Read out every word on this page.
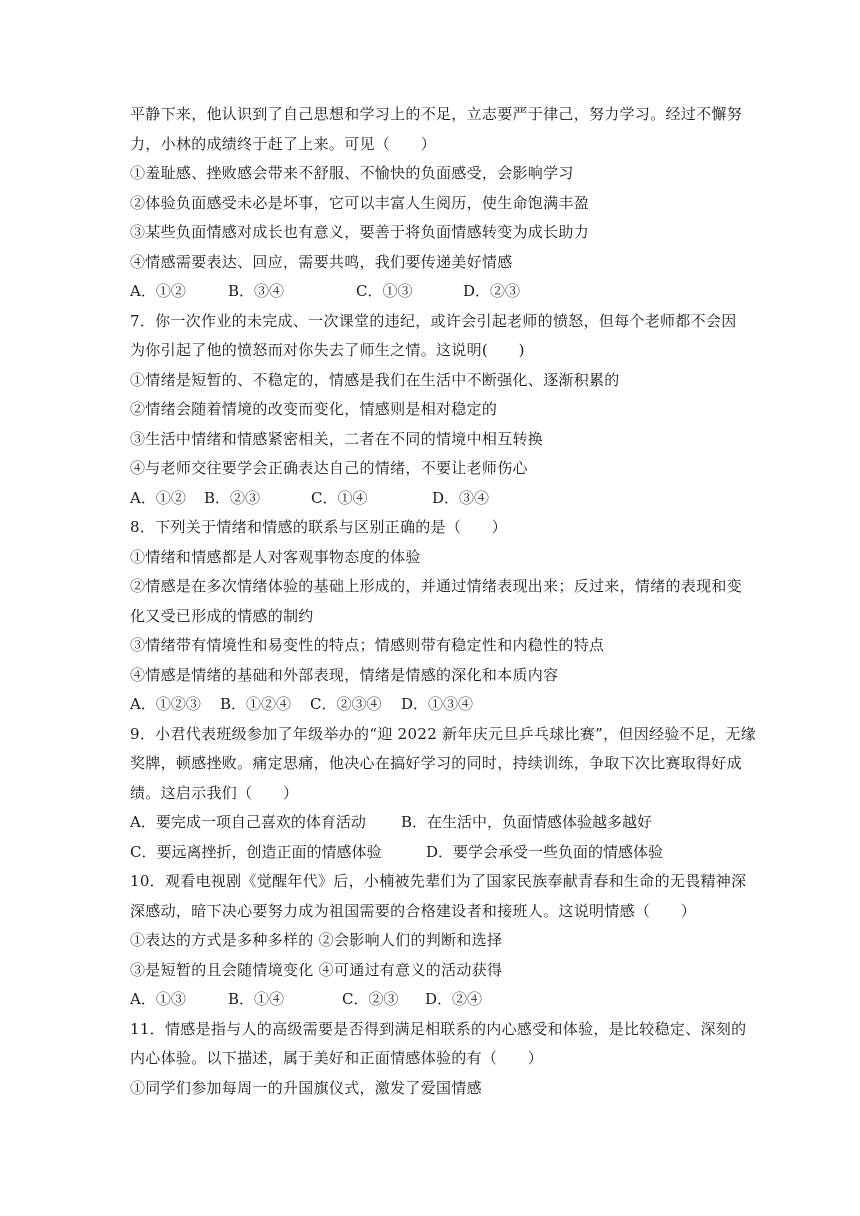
平静下来，他认识到了自己思想和学习上的不足，立志要严于律己，努力学习。经过不懈努
力，小林的成绩终于赶了上来。可见（　　）
①羞耻感、挫败感会带来不舒服、不愉快的负面感受，会影响学习
②体验负面感受未必是坏事，它可以丰富人生阅历，使生命饱满丰盈
③某些负面情感对成长也有意义，要善于将负面情感转变为成长助力
④情感需要表达、回应，需要共鸣，我们要传递美好情感
A．①②	B．③④	C．①③	D．②③
7．你一次作业的未完成、一次课堂的违纪，或许会引起老师的愤怒，但每个老师都不会因
为你引起了他的愤怒而对你失去了师生之情。这说明(　　)
①情绪是短暂的、不稳定的，情感是我们在生活中不断强化、逐渐积累的
②情绪会随着情境的改变而变化，情感则是相对稳定的
③生活中情绪和情感紧密相关，二者在不同的情境中相互转换
④与老师交往要学会正确表达自己的情绪，不要让老师伤心
A．①②	B．②③	C．①④	D．③④
8．下列关于情绪和情感的联系与区别正确的是（　　）
①情绪和情感都是人对客观事物态度的体验
②情感是在多次情绪体验的基础上形成的，并通过情绪表现出来；反过来，情绪的表现和变
化又受已形成的情感的制约
③情绪带有情境性和易变性的特点；情感则带有稳定性和内稳性的特点
④情感是情绪的基础和外部表现，情绪是情感的深化和本质内容
A．①②③	B．①②④	C．②③④	D．①③④
9．小君代表班级参加了年级举办的“迎 2022 新年庆元旦乒乓球比赛”，但因经验不足，无缘
奖牌，顿感挫败。痛定思痛，他决心在搞好学习的同时，持续训练，争取下次比赛取得好成
绩。这启示我们（　　）
A．要完成一项自己喜欢的体育活动	B．在生活中，负面情感体验越多越好
C．要远离挫折，创造正面的情感体验	D．要学会承受一些负面的情感体验
10．观看电视剧《觉醒年代》后，小楠被先辈们为了国家民族奉献青春和生命的无畏精神深
深感动，暗下决心要努力成为祖国需要的合格建设者和接班人。这说明情感（　　）
①表达的方式是多种多样的 ②会影响人们的判断和选择
③是短暂的且会随情境变化 ④可通过有意义的活动获得
A．①③	B．①④	C．②③	D．②④
11．情感是指与人的高级需要是否得到满足相联系的内心感受和体验，是比较稳定、深刻的
内心体验。以下描述，属于美好和正面情感体验的有（　　）
①同学们参加每周一的升国旗仪式，激发了爱国情感
